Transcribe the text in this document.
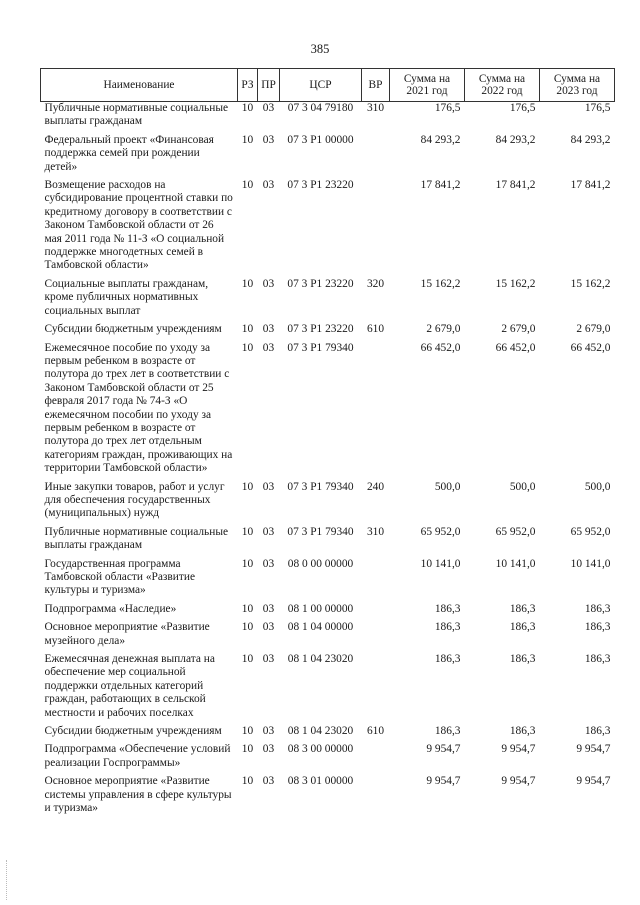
385
Наименование	РЗ	ПР	ЦСР	ВР	Сумма на 2021 год	Сумма на 2022 год	Сумма на 2023 год
Публичные нормативные социальные выплаты гражданам	10	03	07 3 04 79180	310	176,5	176,5	176,5
Федеральный проект «Финансовая поддержка семей при рождении детей»	10	03	07 3 P1 00000		84 293,2	84 293,2	84 293,2
Возмещение расходов на субсидирование процентной ставки по кредитному договору в соответствии с Законом Тамбовской области от 26 мая 2011 года № 11-З «О социальной поддержке многодетных семей в Тамбовской области»	10	03	07 3 P1 23220		17 841,2	17 841,2	17 841,2
Социальные выплаты гражданам, кроме публичных нормативных социальных выплат	10	03	07 3 P1 23220	320	15 162,2	15 162,2	15 162,2
Субсидии бюджетным учреждениям	10	03	07 3 P1 23220	610	2 679,0	2 679,0	2 679,0
Ежемесячное пособие по уходу за первым ребенком в возрасте от полутора до трех лет в соответствии с Законом Тамбовской области от 25 февраля 2017 года № 74-З «О ежемесячном пособии по уходу за первым ребенком в возрасте от полутора до трех лет отдельным категориям граждан, проживающих на территории Тамбовской области»	10	03	07 3 P1 79340		66 452,0	66 452,0	66 452,0
Иные закупки товаров, работ и услуг для обеспечения государственных (муниципальных) нужд	10	03	07 3 P1 79340	240	500,0	500,0	500,0
Публичные нормативные социальные выплаты гражданам	10	03	07 3 P1 79340	310	65 952,0	65 952,0	65 952,0
Государственная программа Тамбовской области «Развитие культуры и туризма»	10	03	08 0 00 00000		10 141,0	10 141,0	10 141,0
Подпрограмма «Наследие»	10	03	08 1 00 00000		186,3	186,3	186,3
Основное мероприятие «Развитие музейного дела»	10	03	08 1 04 00000		186,3	186,3	186,3
Ежемесячная денежная выплата на обеспечение мер социальной поддержки отдельных категорий граждан, работающих в сельской местности и рабочих поселках	10	03	08 1 04 23020		186,3	186,3	186,3
Субсидии бюджетным учреждениям	10	03	08 1 04 23020	610	186,3	186,3	186,3
Подпрограмма «Обеспечение условий реализации Госпрограммы»	10	03	08 3 00 00000		9 954,7	9 954,7	9 954,7
Основное мероприятие «Развитие системы управления в сфере культуры и туризма»	10	03	08 3 01 00000		9 954,7	9 954,7	9 954,7
